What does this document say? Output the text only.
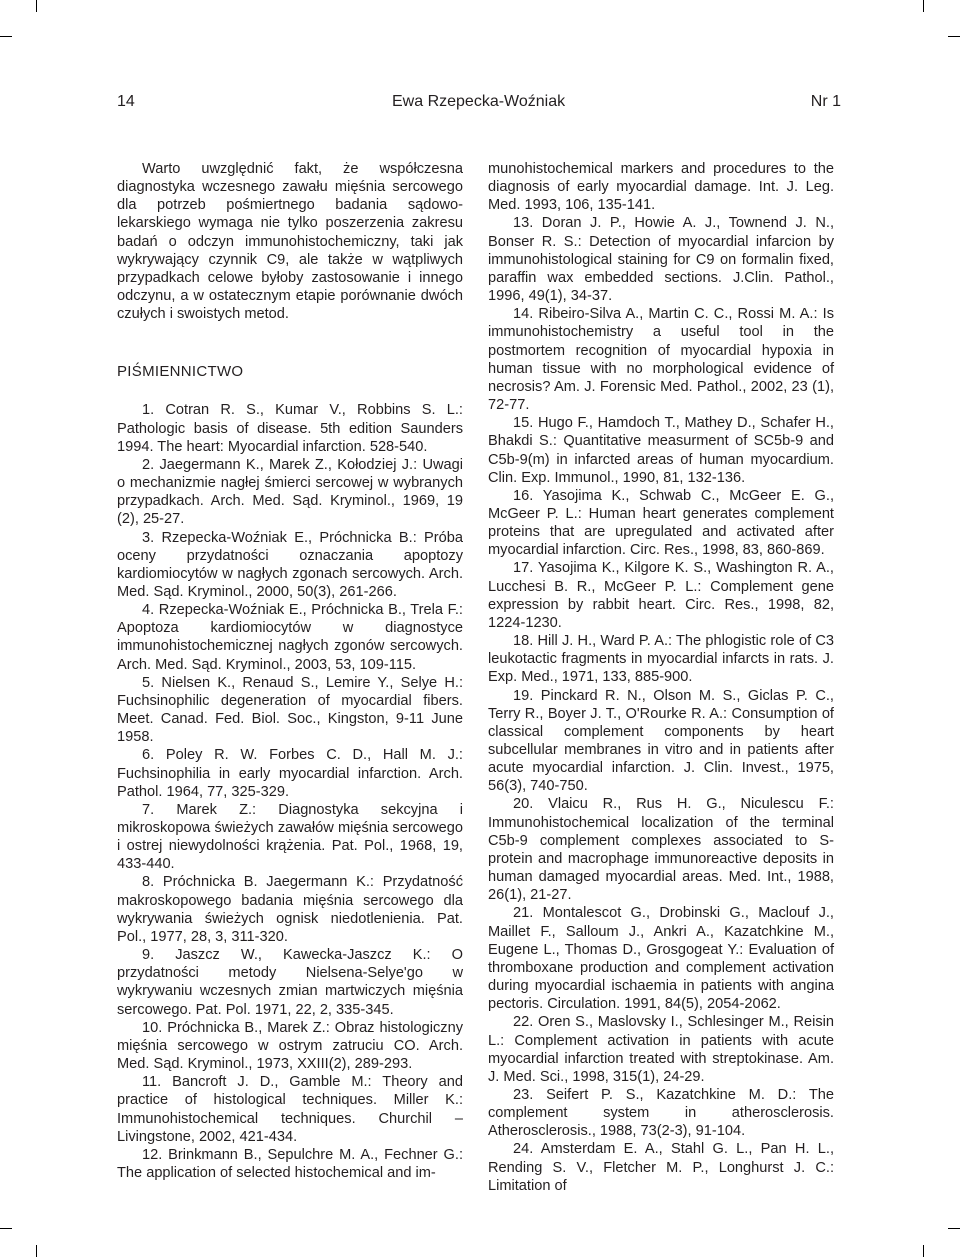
14	Ewa Rzepecka-Woźniak	Nr 1

Warto uwzględnić fakt, że współczesna diagnostyka wczesnego zawału mięśnia sercowego dla potrzeb pośmiertnego badania sądowo-lekarskiego wymaga nie tylko poszerzenia zakresu badań o odczyn immunohistochemiczny, taki jak wykrywający czynnik C9, ale także w wątpliwych przypadkach celowe byłoby zastosowanie i innego odczynu, a w ostatecznym etapie porównanie dwóch czułych i swoistych metod.

PIŚMIENNICTWO

1. Cotran R. S., Kumar V., Robbins S. L.: Pathologic basis of disease. 5th edition Saunders 1994. The heart: Myocardial infarction. 528-540.

2. Jaegermann K., Marek Z., Kołodziej J.: Uwagi o mechanizmie nagłej śmierci sercowej w wybranych przypadkach. Arch. Med. Sąd. Kryminol., 1969, 19 (2), 25-27.

3. Rzepecka-Woźniak E., Próchnicka B.: Próba oceny przydatności oznaczania apoptozy kardiomiocytów w nagłych zgonach sercowych. Arch. Med. Sąd. Kryminol., 2000, 50(3), 261-266.

4. Rzepecka-Woźniak E., Próchnicka B., Trela F.: Apoptoza kardiomiocytów w diagnostyce immunohistochemicznej nagłych zgonów sercowych. Arch. Med. Sąd. Kryminol., 2003, 53, 109-115.

5. Nielsen K., Renaud S., Lemire Y., Selye H.: Fuchsinophilic degeneration of myocardial fibers. Meet. Canad. Fed. Biol. Soc., Kingston, 9-11 June 1958.

6. Poley R. W. Forbes C. D., Hall M. J.: Fuchsinophilia in early myocardial infarction. Arch. Pathol. 1964, 77, 325-329.

7. Marek Z.: Diagnostyka sekcyjna i mikroskopowa świeżych zawałów mięśnia sercowego i ostrej niewydolności krążenia. Pat. Pol., 1968, 19, 433-440.

8. Próchnicka B. Jaegermann K.: Przydatność makroskopowego badania mięśnia sercowego dla wykrywania świeżych ognisk niedotlenienia. Pat. Pol., 1977, 28, 3, 311-320.

9. Jaszcz W., Kawecka-Jaszcz K.: O przydatności metody Nielsena-Selye'go w wykrywaniu wczesnych zmian martwiczych mięśnia sercowego. Pat. Pol. 1971, 22, 2, 335-345.

10. Próchnicka B., Marek Z.: Obraz histologiczny mięśnia sercowego w ostrym zatruciu CO. Arch. Med. Sąd. Kryminol., 1973, XXIII(2), 289-293.

11. Bancroft J. D., Gamble M.: Theory and practice of histological techniques. Miller K.: Immunohistochemical techniques. Churchil – Livingstone, 2002, 421-434.

12. Brinkmann B., Sepulchre M. A., Fechner G.: The application of selected histochemical and im-

munohistochemical markers and procedures to the diagnosis of early myocardial damage. Int. J. Leg. Med. 1993, 106, 135-141.

13. Doran J. P., Howie A. J., Townend J. N., Bonser R. S.: Detection of myocardial infarcion by immunohistological staining for C9 on formalin fixed, paraffin wax embedded sections. J.Clin. Pathol., 1996, 49(1), 34-37.

14. Ribeiro-Silva A., Martin C. C., Rossi M. A.: Is immunohistochemistry a useful tool in the postmortem recognition of myocardial hypoxia in human tissue with no morphological evidence of necrosis? Am. J. Forensic Med. Pathol., 2002, 23 (1), 72-77.

15. Hugo F., Hamdoch T., Mathey D., Schafer H., Bhakdi S.: Quantitative measurment of SC5b-9 and C5b-9(m) in infarcted areas of human myocardium. Clin. Exp. Immunol., 1990, 81, 132-136.

16. Yasojima K., Schwab C., McGeer E. G., McGeer P. L.: Human heart generates complement proteins that are upregulated and activated after myocardial infarction. Circ. Res., 1998, 83, 860-869.

17. Yasojima K., Kilgore K. S., Washington R. A., Lucchesi B. R., McGeer P. L.: Complement gene expression by rabbit heart. Circ. Res., 1998, 82, 1224-1230.

18. Hill J. H., Ward P. A.: The phlogistic role of C3 leukotactic fragments in myocardial infarcts in rats. J. Exp. Med., 1971, 133, 885-900.

19. Pinckard R. N., Olson M. S., Giclas P. C., Terry R., Boyer J. T., O'Rourke R. A.: Consumption of classical complement components by heart subcellular membranes in vitro and in patients after acute myocardial infarction. J. Clin. Invest., 1975, 56(3), 740-750.

20. Vlaicu R., Rus H. G., Niculescu F.: Immunohistochemical localization of the terminal C5b-9 complement complexes associated to S-protein and macrophage immunoreactive deposits in human damaged myocardial areas. Med. Int., 1988, 26(1), 21-27.

21. Montalescot G., Drobinski G., Maclouf J., Maillet F., Salloum J., Ankri A., Kazatchkine M., Eugene L., Thomas D., Grosgogeat Y.: Evaluation of thromboxane production and complement activation during myocardial ischaemia in patients with angina pectoris. Circulation. 1991, 84(5), 2054-2062.

22. Oren S., Maslovsky I., Schlesinger M., Reisin L.: Complement activation in patients with acute myocardial infarction treated with streptokinase. Am. J. Med. Sci., 1998, 315(1), 24-29.

23. Seifert P. S., Kazatchkine M. D.: The complement system in atherosclerosis. Atherosclerosis., 1988, 73(2-3), 91-104.

24. Amsterdam E. A., Stahl G. L., Pan H. L., Rending S. V., Fletcher M. P., Longhurst J. C.: Limitation of
